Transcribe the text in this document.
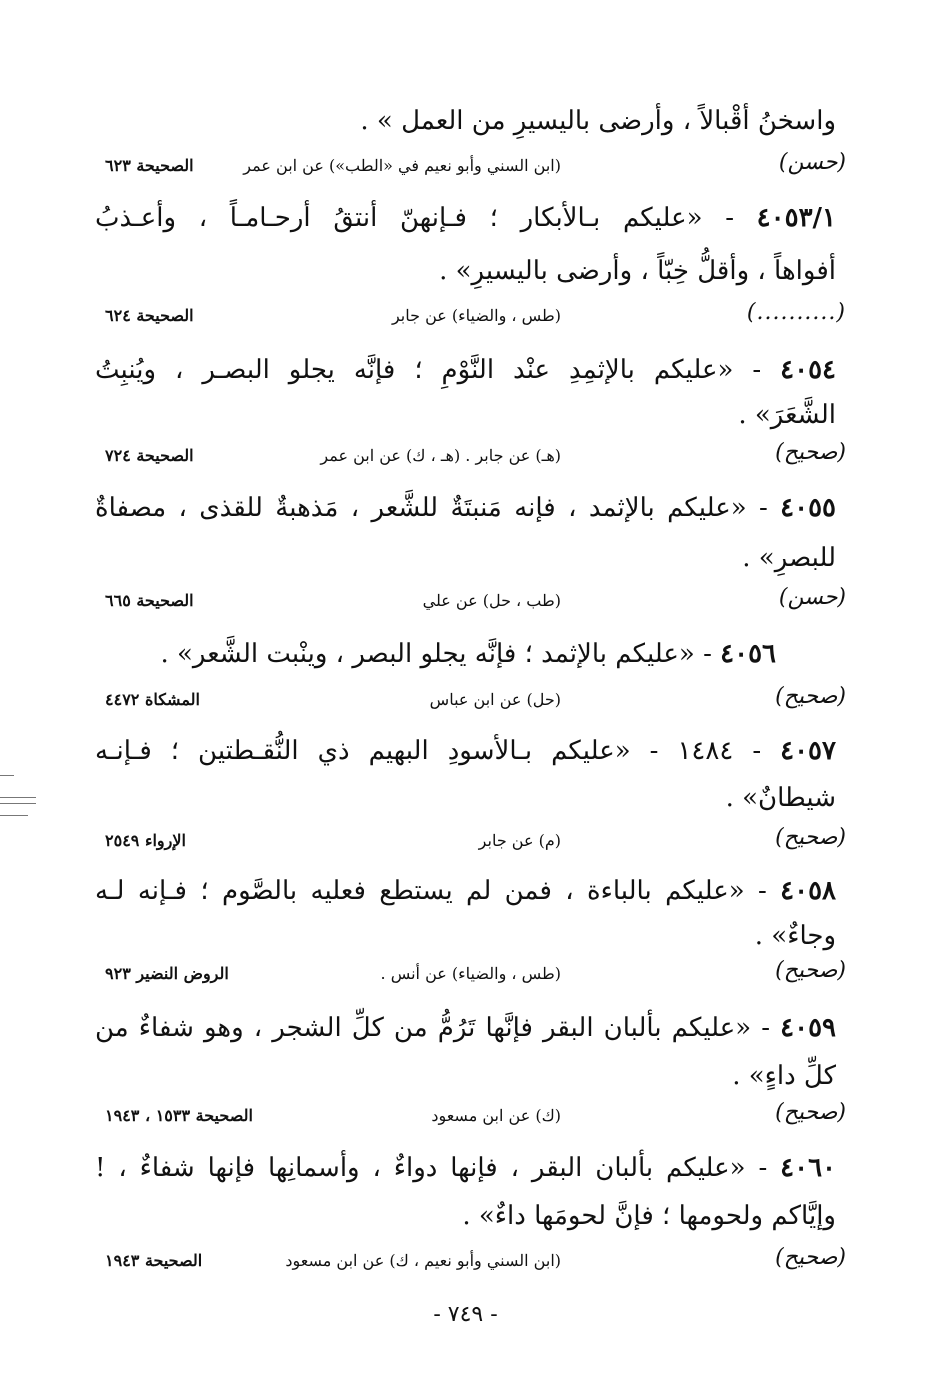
واسخنُ أقْبالاً ، وأرضى باليسيرِ من العمل » .
(حسن)
(ابن السني وأبو نعيم في «الطب») عن ابن عمر
الصحيحة ٦٢٣
٤٠٥٣/١ - «عليكم بـالأبكار ؛ فـإنهنّ أنتقُ أرحـامـاً ، وأعـذبُ
أفواهاً ، وأقلُّ خِبّاً ، وأرضى باليسيرِ» .
(..........)
(طس ، والضياء) عن جابر
الصحيحة ٦٢٤
٤٠٥٤ - «عليكم بالإثمِدِ عنْد النَّوْمِ ؛ فإنَّه يجلو البصـر ، ويُنبِتُ
الشَّعَرَ» .
(صحيح)
(هـ) عن جابر . (هـ ، ك) عن ابن عمر
الصحيحة ٧٢٤
٤٠٥٥ - «عليكم بالإثمد ، فإنه مَنبتَةٌ للشَّعر ، مَذهبةٌ للقذى ، مصفاةٌ
للبصرِ» .
(حسن)
(طب ، حل) عن علي
الصحيحة ٦٦٥
٤٠٥٦ - «عليكم بالإثمد ؛ فإنَّه يجلو البصر ، وينْبت الشَّعر» .
(صحيح)
(حل) عن ابن عباس
المشكاة ٤٤٧٢
٤٠٥٧ - ١٤٨٤ - «عليكم بـالأسودِ البهيم ذي النُّقـطتين ؛ فـإنـه
شيطانٌ» .
(صحيح)
(م) عن جابر
الإرواء ٢٥٤٩
٤٠٥٨ - «عليكم بالباءة ، فمن لم يستطع فعليه بالصَّوم ؛ فـإنه لـه
وجاءٌ» .
(صحيح)
(طس ، والضياء) عن أنس .
الروض النضير ٩٢٣
٤٠٥٩ - «عليكم بألبان البقر فإنَّها تَرُمُّ من كلِّ الشجر ، وهو شفاءٌ من
كلِّ داءٍ» .
(صحيح)
(ك) عن ابن مسعود
الصحيحة ١٥٣٣ ، ١٩٤٣
٤٠٦٠ - «عليكم بألبان البقر ، فإنها دواءٌ ، وأسمانِها فإنها شفاءٌ ، !
وإيَّاكم ولحومها ؛ فإنَّ لحومَها داءٌ» .
(صحيح)
(ابن السني وأبو نعيم ، ك) عن ابن مسعود
الصحيحة ١٩٤٣
- ٧٤٩ -
